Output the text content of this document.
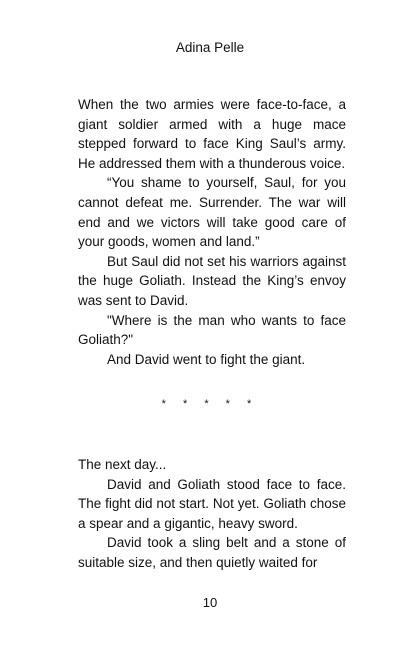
Adina Pelle

When the two armies were face-to-face, a giant soldier armed with a huge mace stepped forward to face King Saul’s army. He addressed them with a thunderous voice.

“You shame to yourself, Saul, for you cannot defeat me. Surrender. The war will end and we victors will take good care of your goods, women and land.”

But Saul did not set his warriors against the huge Goliath. Instead the King’s envoy was sent to David.

"Where is the man who wants to face Goliath?"

And David went to fight the giant.

* * * * *

The next day...

David and Goliath stood face to face. The fight did not start. Not yet. Goliath chose a spear and a gigantic, heavy sword.

David took a sling belt and a stone of suitable size, and then quietly waited for

10
